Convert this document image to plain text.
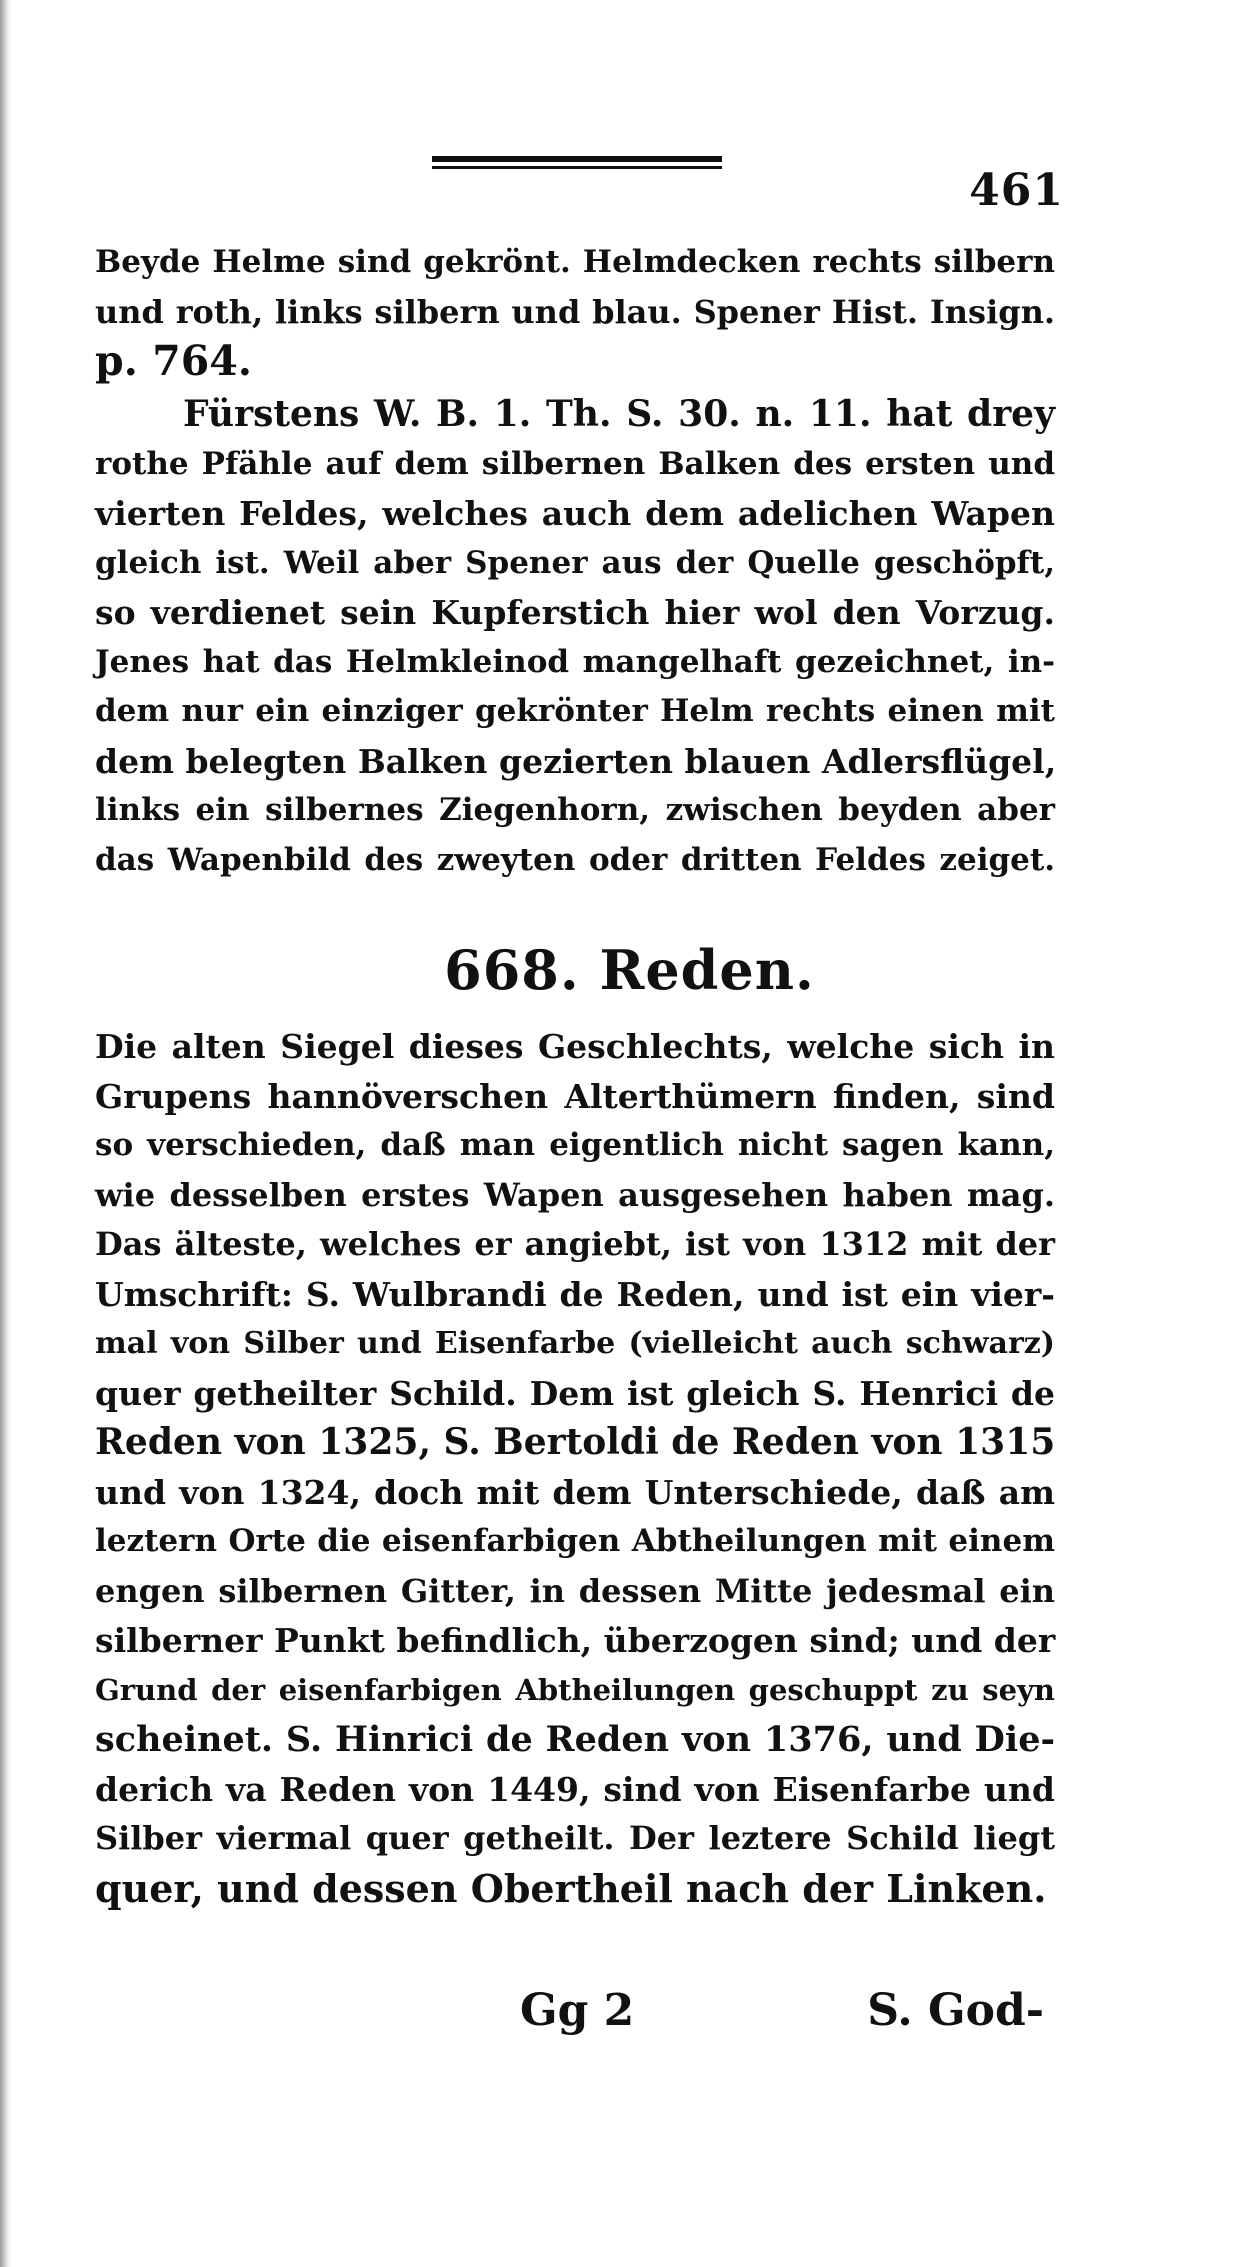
461
Beyde Helme sind gekrönt. Helmdecken rechts silbern
und roth, links silbern und blau. Spener Hist. Insign.
p. 764.
Fürstens W. B. 1. Th. S. 30. n. 11. hat drey
rothe Pfähle auf dem silbernen Balken des ersten und
vierten Feldes, welches auch dem adelichen Wapen
gleich ist. Weil aber Spener aus der Quelle geschöpft,
so verdienet sein Kupferstich hier wol den Vorzug.
Jenes hat das Helmkleinod mangelhaft gezeichnet, in-
dem nur ein einziger gekrönter Helm rechts einen mit
dem belegten Balken gezierten blauen Adlersflügel,
links ein silbernes Ziegenhorn, zwischen beyden aber
das Wapenbild des zweyten oder dritten Feldes zeiget.
668. Reden.
Die alten Siegel dieses Geschlechts, welche sich in
Grupens hannöverschen Alterthümern finden, sind
so verschieden, daß man eigentlich nicht sagen kann,
wie desselben erstes Wapen ausgesehen haben mag.
Das älteste, welches er angiebt, ist von 1312 mit der
Umschrift: S. Wulbrandi de Reden, und ist ein vier-
mal von Silber und Eisenfarbe (vielleicht auch schwarz)
quer getheilter Schild. Dem ist gleich S. Henrici de
Reden von 1325, S. Bertoldi de Reden von 1315
und von 1324, doch mit dem Unterschiede, daß am
leztern Orte die eisenfarbigen Abtheilungen mit einem
engen silbernen Gitter, in dessen Mitte jedesmal ein
silberner Punkt befindlich, überzogen sind; und der
Grund der eisenfarbigen Abtheilungen geschuppt zu seyn
scheinet. S. Hinrici de Reden von 1376, und Die-
derich va Reden von 1449, sind von Eisenfarbe und
Silber viermal quer getheilt. Der leztere Schild liegt
quer, und dessen Obertheil nach der Linken.
Gg 2	S. God-
